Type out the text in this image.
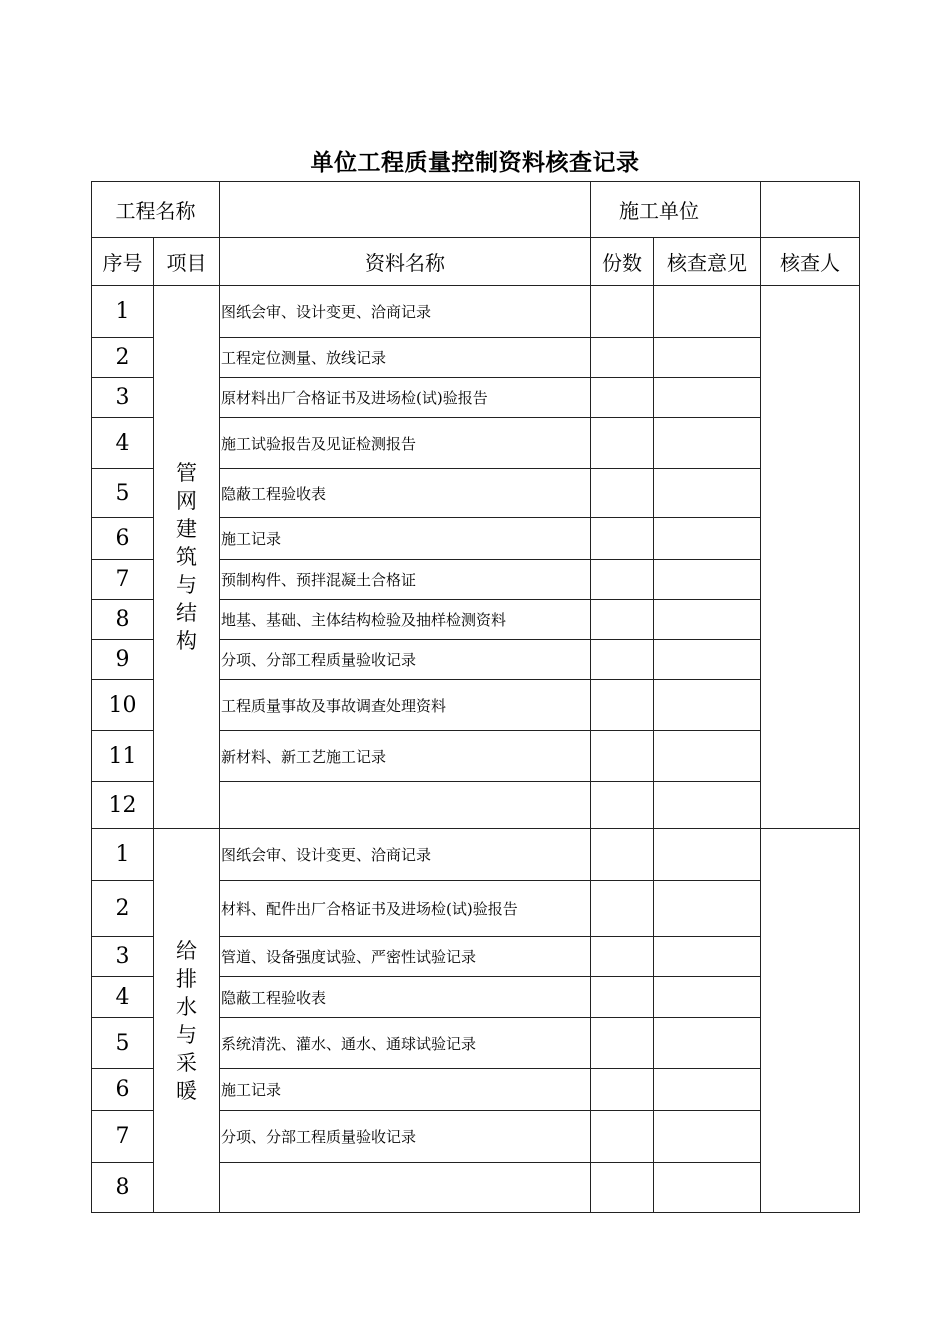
单位工程质量控制资料核查记录
工程名称			施工单位		
序号	项目	资料名称	份数	核查意见	核查人
1	管网建筑与结构	图纸会审、设计变更、洽商记录			
2		工程定位测量、放线记录			
3		原材料出厂合格证书及进场检(试)验报告			
4		施工试验报告及见证检测报告			
5		隐蔽工程验收表			
6		施工记录			
7		预制构件、预拌混凝土合格证			
8		地基、基础、主体结构检验及抽样检测资料			
9		分项、分部工程质量验收记录			
10		工程质量事故及事故调查处理资料			
11		新材料、新工艺施工记录			
12					
1	给排水与采暖	图纸会审、设计变更、洽商记录			
2		材料、配件出厂合格证书及进场检(试)验报告			
3		管道、设备强度试验、严密性试验记录			
4		隐蔽工程验收表			
5		系统清洗、灌水、通水、通球试验记录			
6		施工记录			
7		分项、分部工程质量验收记录			
8					
